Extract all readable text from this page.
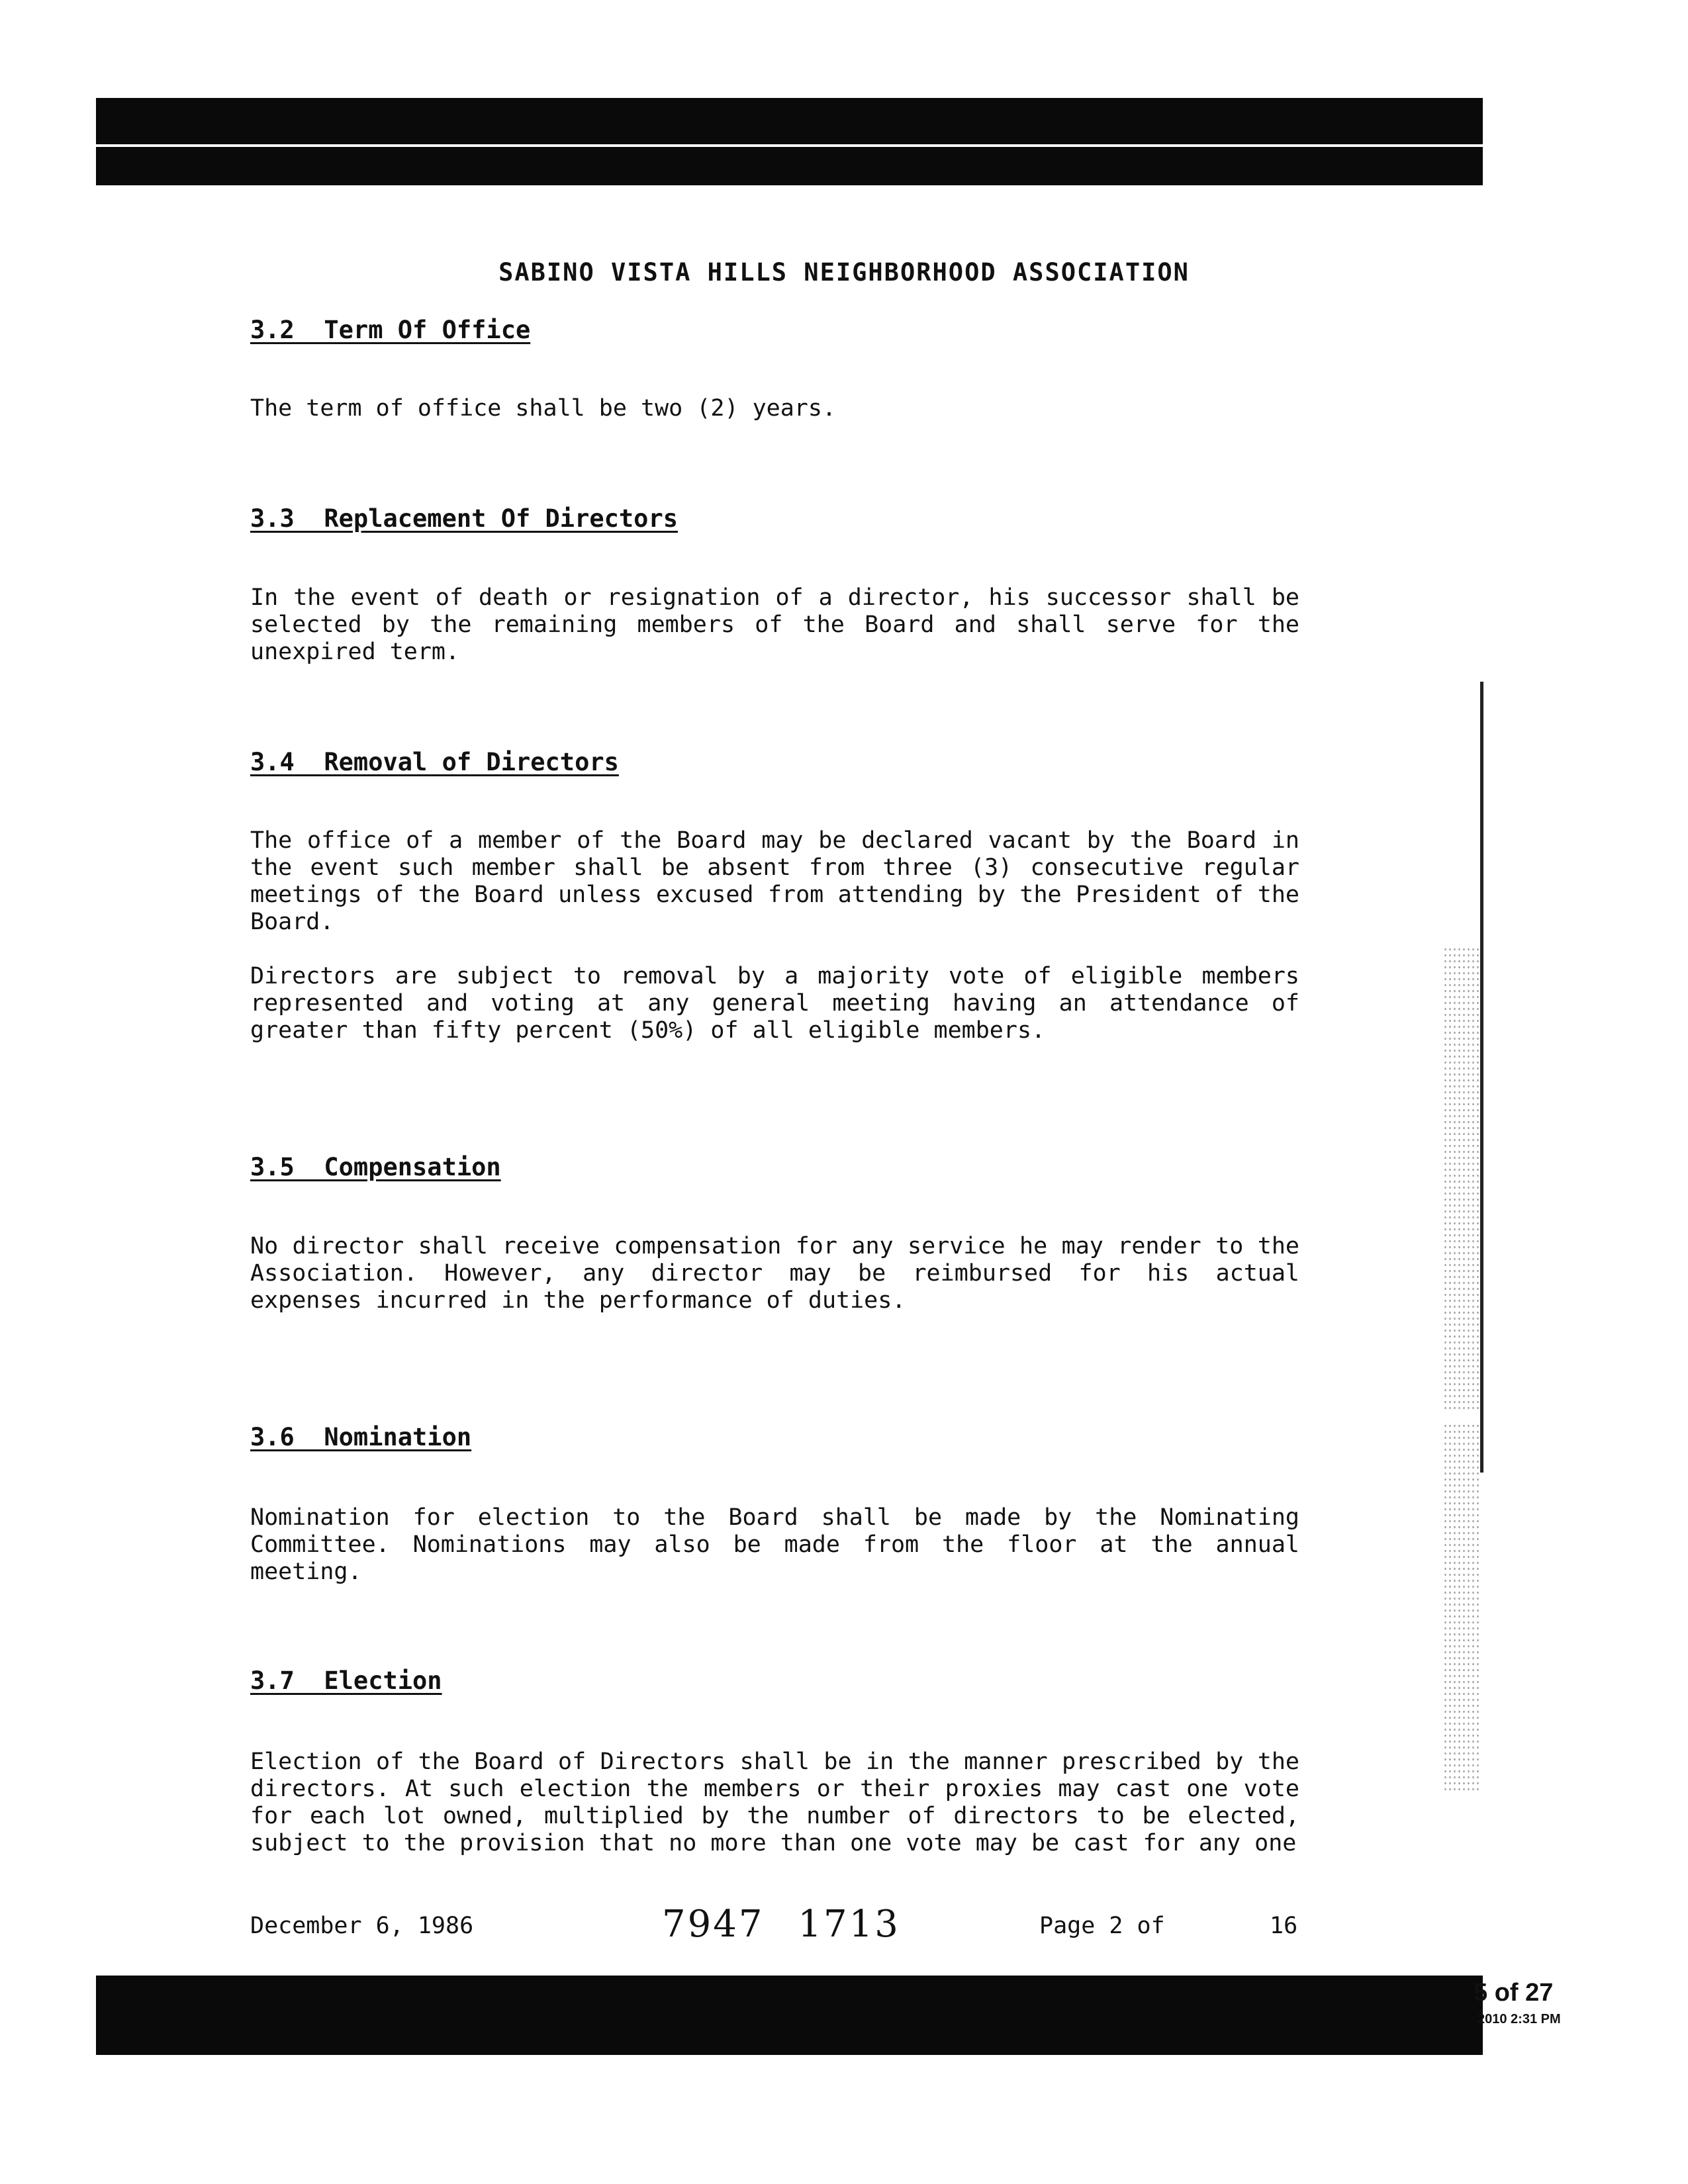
SABINO VISTA HILLS NEIGHBORHOOD ASSOCIATION
3.2  Term Of Office
The term of office shall be two (2) years.
3.3  Replacement Of Directors
In the event of death or resignation of a director, his successor shall be selected by the remaining members of the Board and shall serve for the unexpired term.
3.4  Removal of Directors
The office of a member of the Board may be declared vacant by the Board in the event such member shall be absent from three (3) consecutive regular meetings of the Board unless excused from attending by the President of the Board.
Directors are subject to removal by a majority vote of eligible members represented and voting at any general meeting having an attendance of greater than fifty percent (50%) of all eligible members.
3.5  Compensation
No director shall receive compensation for any service he may render to the Association. However, any director may be reimbursed for his actual expenses incurred in the performance of duties.
3.6  Nomination
Nomination for election to the Board shall be made by the Nominating Committee. Nominations may also be made from the floor at the annual meeting.
3.7  Election
Election of the Board of Directors shall be in the manner prescribed by the directors. At such election the members or their proxies may cast one vote for each lot owned, multiplied by the number of directors to be elected, subject to the provision that no more than one vote may be cast for any one
December 6, 1986	7947 1713	Page 2 of	16
5 of 27
2010 2:31 PM
